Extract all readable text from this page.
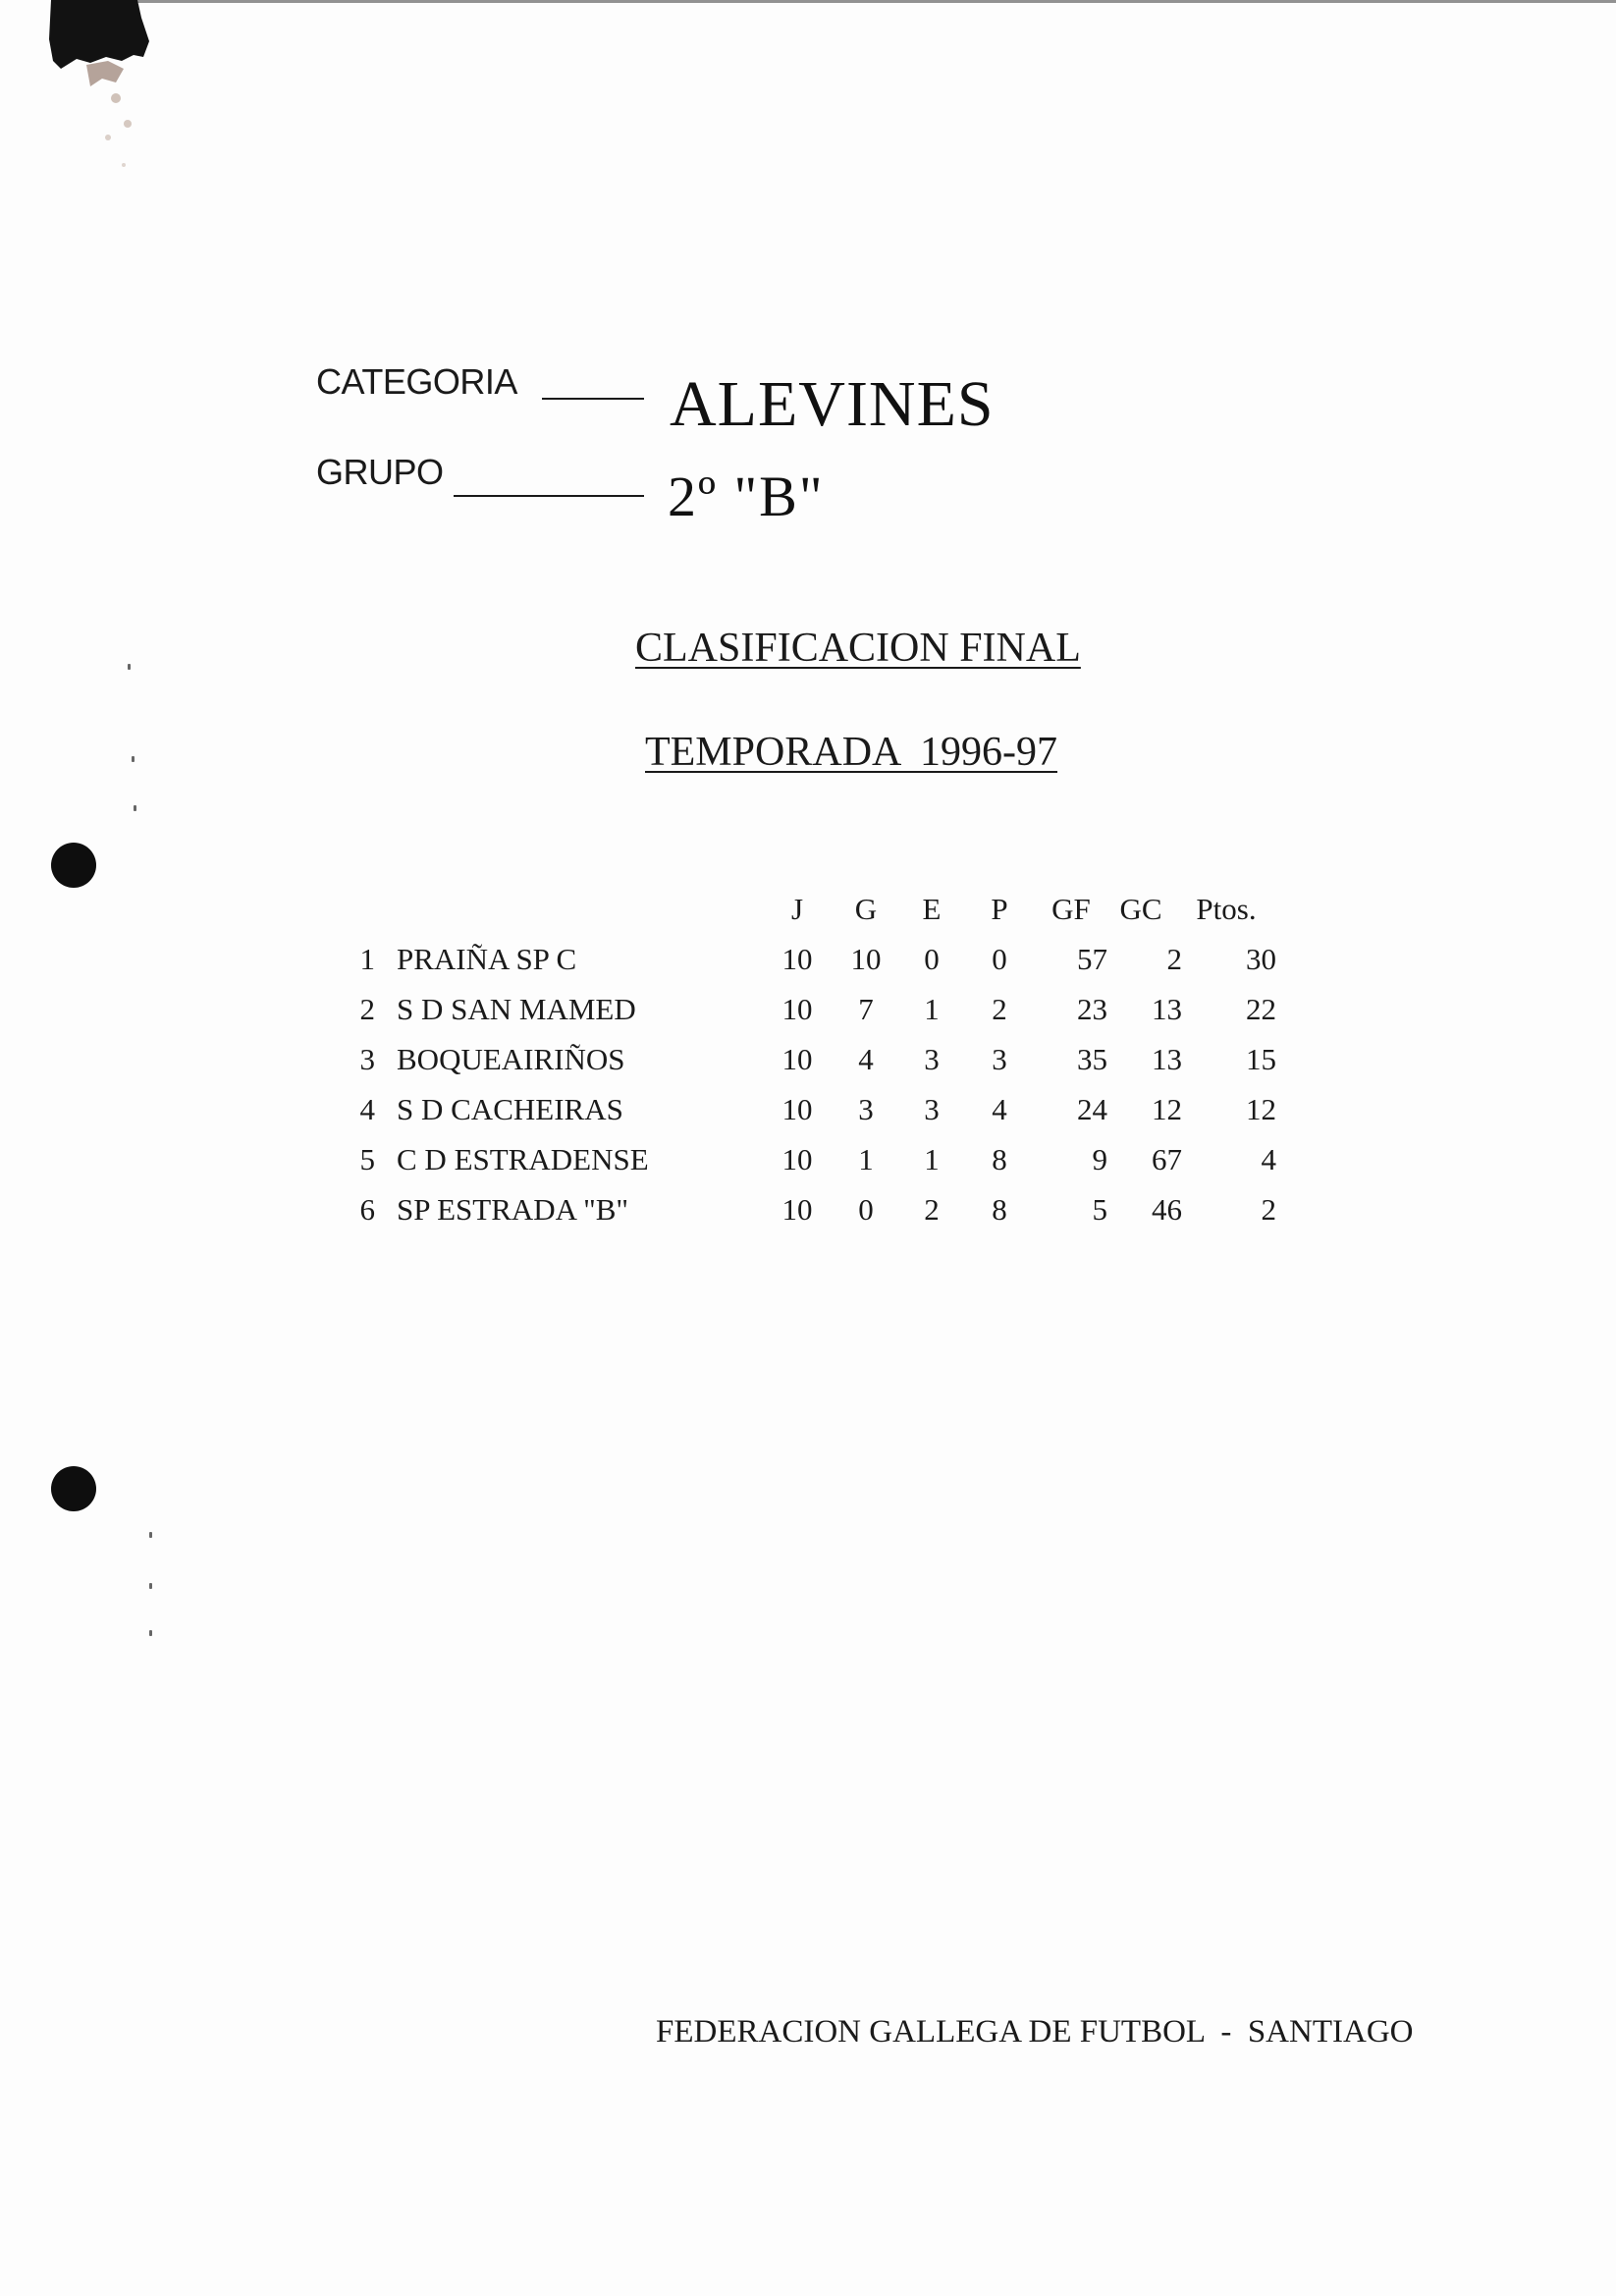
CATEGORIA ALEVINES
GRUPO	2º "B"
CLASIFICACION FINAL
TEMPORADA  1996-97
J	G	E	P	GF GC	Ptos.
1 PRAIÑA SP C	10	10	0	0	57	2	30
2 S D SAN MAMED	10	7	1	2	23	13	22
3 BOQUEAIRIÑOS	10	4	3	3	35	13	15
4 S D CACHEIRAS	10	3	3	4	24	12	12
5 C D ESTRADENSE	10	1	1	8	9	67	4
6 SP ESTRADA "B"	10	0	2	8	5	46	2
FEDERACION GALLEGA DE FUTBOL  -  SANTIAGO
